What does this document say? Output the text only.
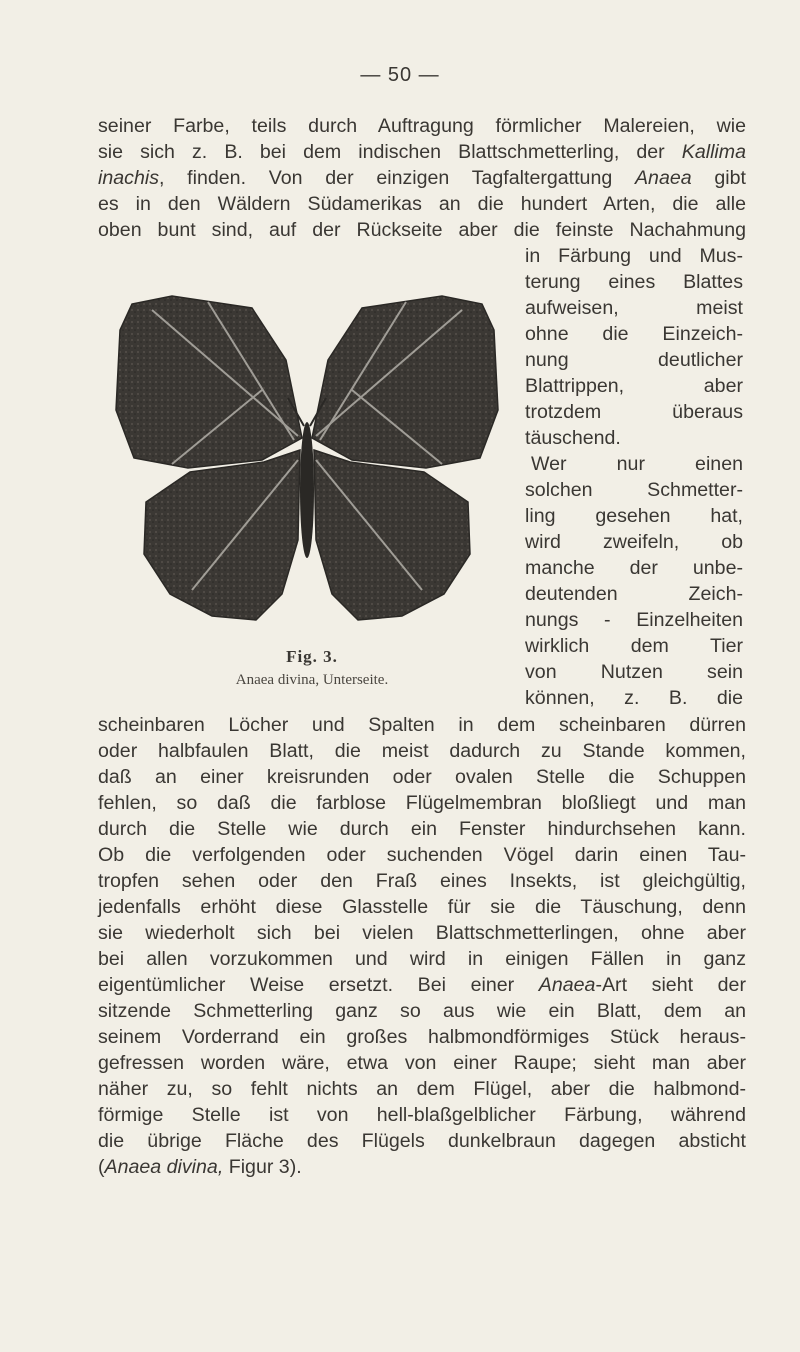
— 50 —
seiner Farbe, teils durch Auftragung förmlicher Malereien, wie
sie sich z. B. bei dem indischen Blattschmetterling, der Kallima
inachis, finden. Von der einzigen Tagfaltergattung Anaea gibt
es in den Wäldern Südamerikas an die hundert Arten, die alle
oben bunt sind, auf der Rückseite aber die feinste Nachahmung
in Färbung und Mus-
terung eines Blattes
aufweisen, meist
ohne die Einzeich-
nung deutlicher
Blattrippen, aber
trotzdem überaus
täuschend.
Wer nur einen
solchen Schmetter-
ling gesehen hat,
wird zweifeln, ob
manche der unbe-
deutenden Zeich-
nungs - Einzelheiten
wirklich dem Tier
von Nutzen sein
können, z. B. die
scheinbaren Löcher und Spalten in dem scheinbaren dürren
oder halbfaulen Blatt, die meist dadurch zu Stande kommen,
daß an einer kreisrunden oder ovalen Stelle die Schuppen
fehlen, so daß die farblose Flügelmembran bloßliegt und man
durch die Stelle wie durch ein Fenster hindurchsehen kann.
Ob die verfolgenden oder suchenden Vögel darin einen Tau-
tropfen sehen oder den Fraß eines Insekts, ist gleichgültig,
jedenfalls erhöht diese Glasstelle für sie die Täuschung, denn
sie wiederholt sich bei vielen Blattschmetterlingen, ohne aber
bei allen vorzukommen und wird in einigen Fällen in ganz
eigentümlicher Weise ersetzt. Bei einer Anaea-Art sieht der
sitzende Schmetterling ganz so aus wie ein Blatt, dem an
seinem Vorderrand ein großes halbmondförmiges Stück heraus-
gefressen worden wäre, etwa von einer Raupe; sieht man aber
näher zu, so fehlt nichts an dem Flügel, aber die halbmond-
förmige Stelle ist von hell-blaßgelblicher Färbung, während
die übrige Fläche des Flügels dunkelbraun dagegen absticht
(Anaea divina, Figur 3).
Fig. 3.
Anaea divina, Unterseite.
